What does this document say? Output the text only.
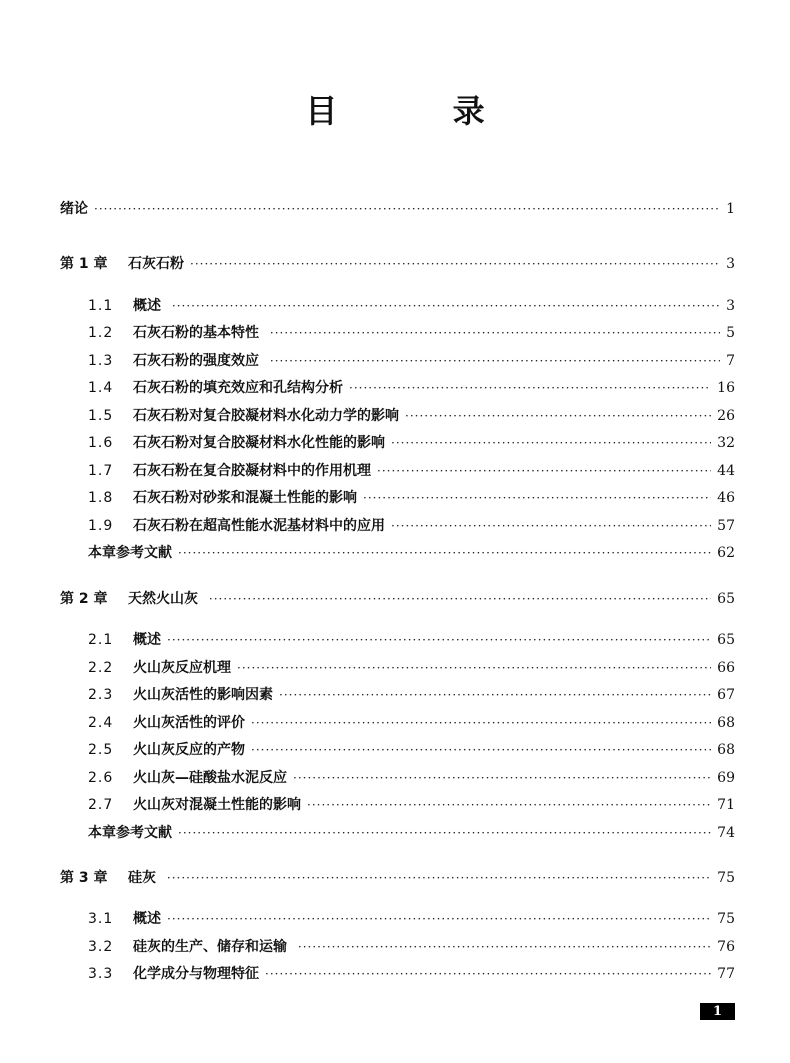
目 录
绪论 ·····	1
第 1 章 石灰石粉 ·····	3
1.1 概述 ·····	3
1.2 石灰石粉的基本特性 ·····	5
1.3 石灰石粉的强度效应 ·····	7
1.4 石灰石粉的填充效应和孔结构分析 ·····	16
1.5 石灰石粉对复合胶凝材料水化动力学的影响 ·····	26
1.6 石灰石粉对复合胶凝材料水化性能的影响 ·····	32
1.7 石灰石粉在复合胶凝材料中的作用机理 ·····	44
1.8 石灰石粉对砂浆和混凝土性能的影响 ·····	46
1.9 石灰石粉在超高性能水泥基材料中的应用 ·····	57
本章参考文献 ·····	62
第 2 章 天然火山灰 ·····	65
2.1 概述 ·····	65
2.2 火山灰反应机理 ·····	66
2.3 火山灰活性的影响因素 ·····	67
2.4 火山灰活性的评价 ·····	68
2.5 火山灰反应的产物 ·····	68
2.6 火山灰—硅酸盐水泥反应 ·····	69
2.7 火山灰对混凝土性能的影响 ·····	71
本章参考文献 ·····	74
第 3 章 硅灰 ·····	75
3.1 概述 ·····	75
3.2 硅灰的生产、储存和运输 ·····	76
3.3 化学成分与物理特征 ·····	77
1
